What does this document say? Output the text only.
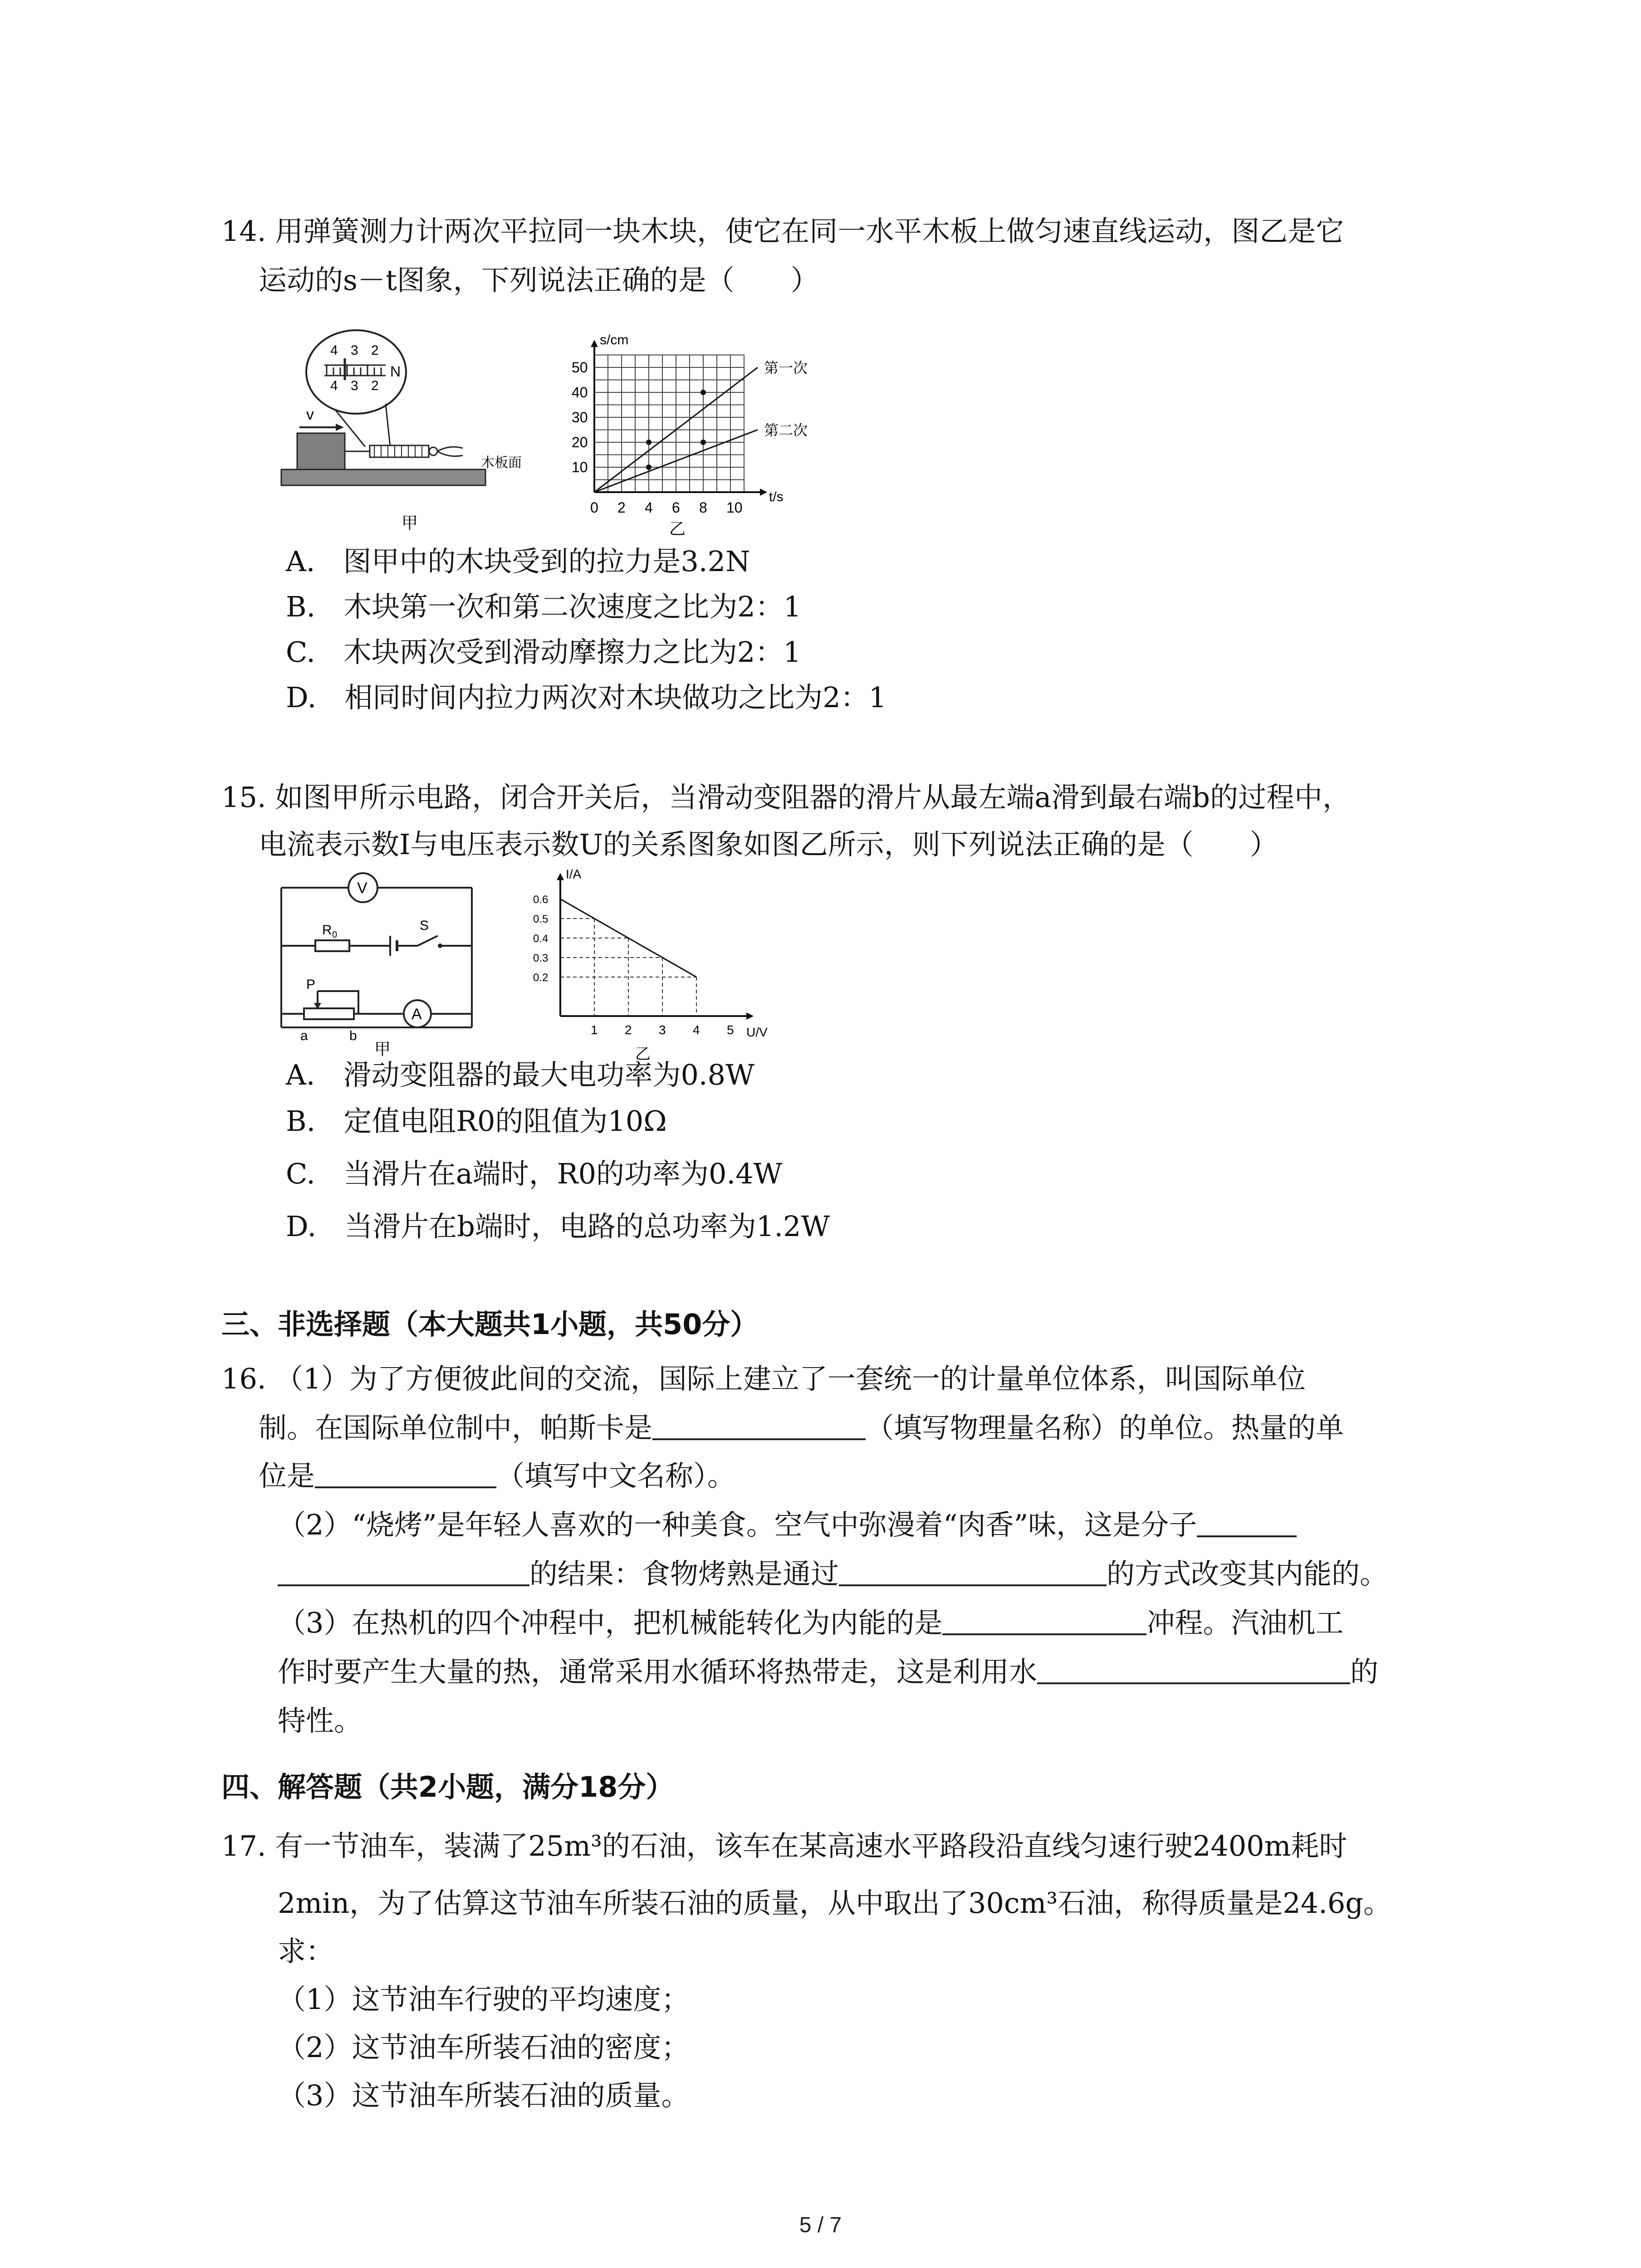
14. 用弹簧测力计两次平拉同一块木块，使它在同一水平木板上做匀速直线运动，图乙是它
运动的s－t图象，下列说法正确的是（　　）
4 3 2
4 3 2
N
v
木板面
甲
s/cm
t/s
0 2 4 6 8 10
10
20
30
40
50	第一次
第二次
乙
A.　图甲中的木块受到的拉力是3.2N
B.　木块第一次和第二次速度之比为2：1
C.　木块两次受到滑动摩擦力之比为2：1
D.　相同时间内拉力两次对木块做功之比为2：1
15. 如图甲所示电路，闭合开关后，当滑动变阻器的滑片从最左端a滑到最右端b的过程中，
电流表示数I与电压表示数U的关系图象如图乙所示，则下列说法正确的是（　　）
V
R 0
S
P
A
a	b
甲
I/A
U/V
1 2 3 4 5
0.2
0.3
0.4
0.5
0.6
乙
A.　滑动变阻器的最大电功率为0.8W
B.　定值电阻R0的阻值为10Ω
C.　当滑片在a端时，R0的功率为0.4W
D.　当滑片在b端时，电路的总功率为1.2W
三、非选择题（本大题共1小题，共50分）
16. （1）为了方便彼此间的交流，国际上建立了一套统一的计量单位体系，叫国际单位
制。在国际单位制中，帕斯卡是	（填写物理量名称）的单位。热量的单
位是	（填写中文名称）。
（2）“烧烤”是年轻人喜欢的一种美食。空气中弥漫着“肉香”味，这是分子
的结果：食物烤熟是通过	的方式改变其内能的。
（3）在热机的四个冲程中，把机械能转化为内能的是	冲程。汽油机工
作时要产生大量的热，通常采用水循环将热带走，这是利用水	的
特性。
四、解答题（共2小题，满分18分）
17. 有一节油车，装满了25m³的石油，该车在某高速水平路段沿直线匀速行驶2400m耗时
2min，为了估算这节油车所装石油的质量，从中取出了30cm³石油，称得质量是24.6g。
求：
（1）这节油车行驶的平均速度；
（2）这节油车所装石油的密度；
（3）这节油车所装石油的质量。
5 / 7
